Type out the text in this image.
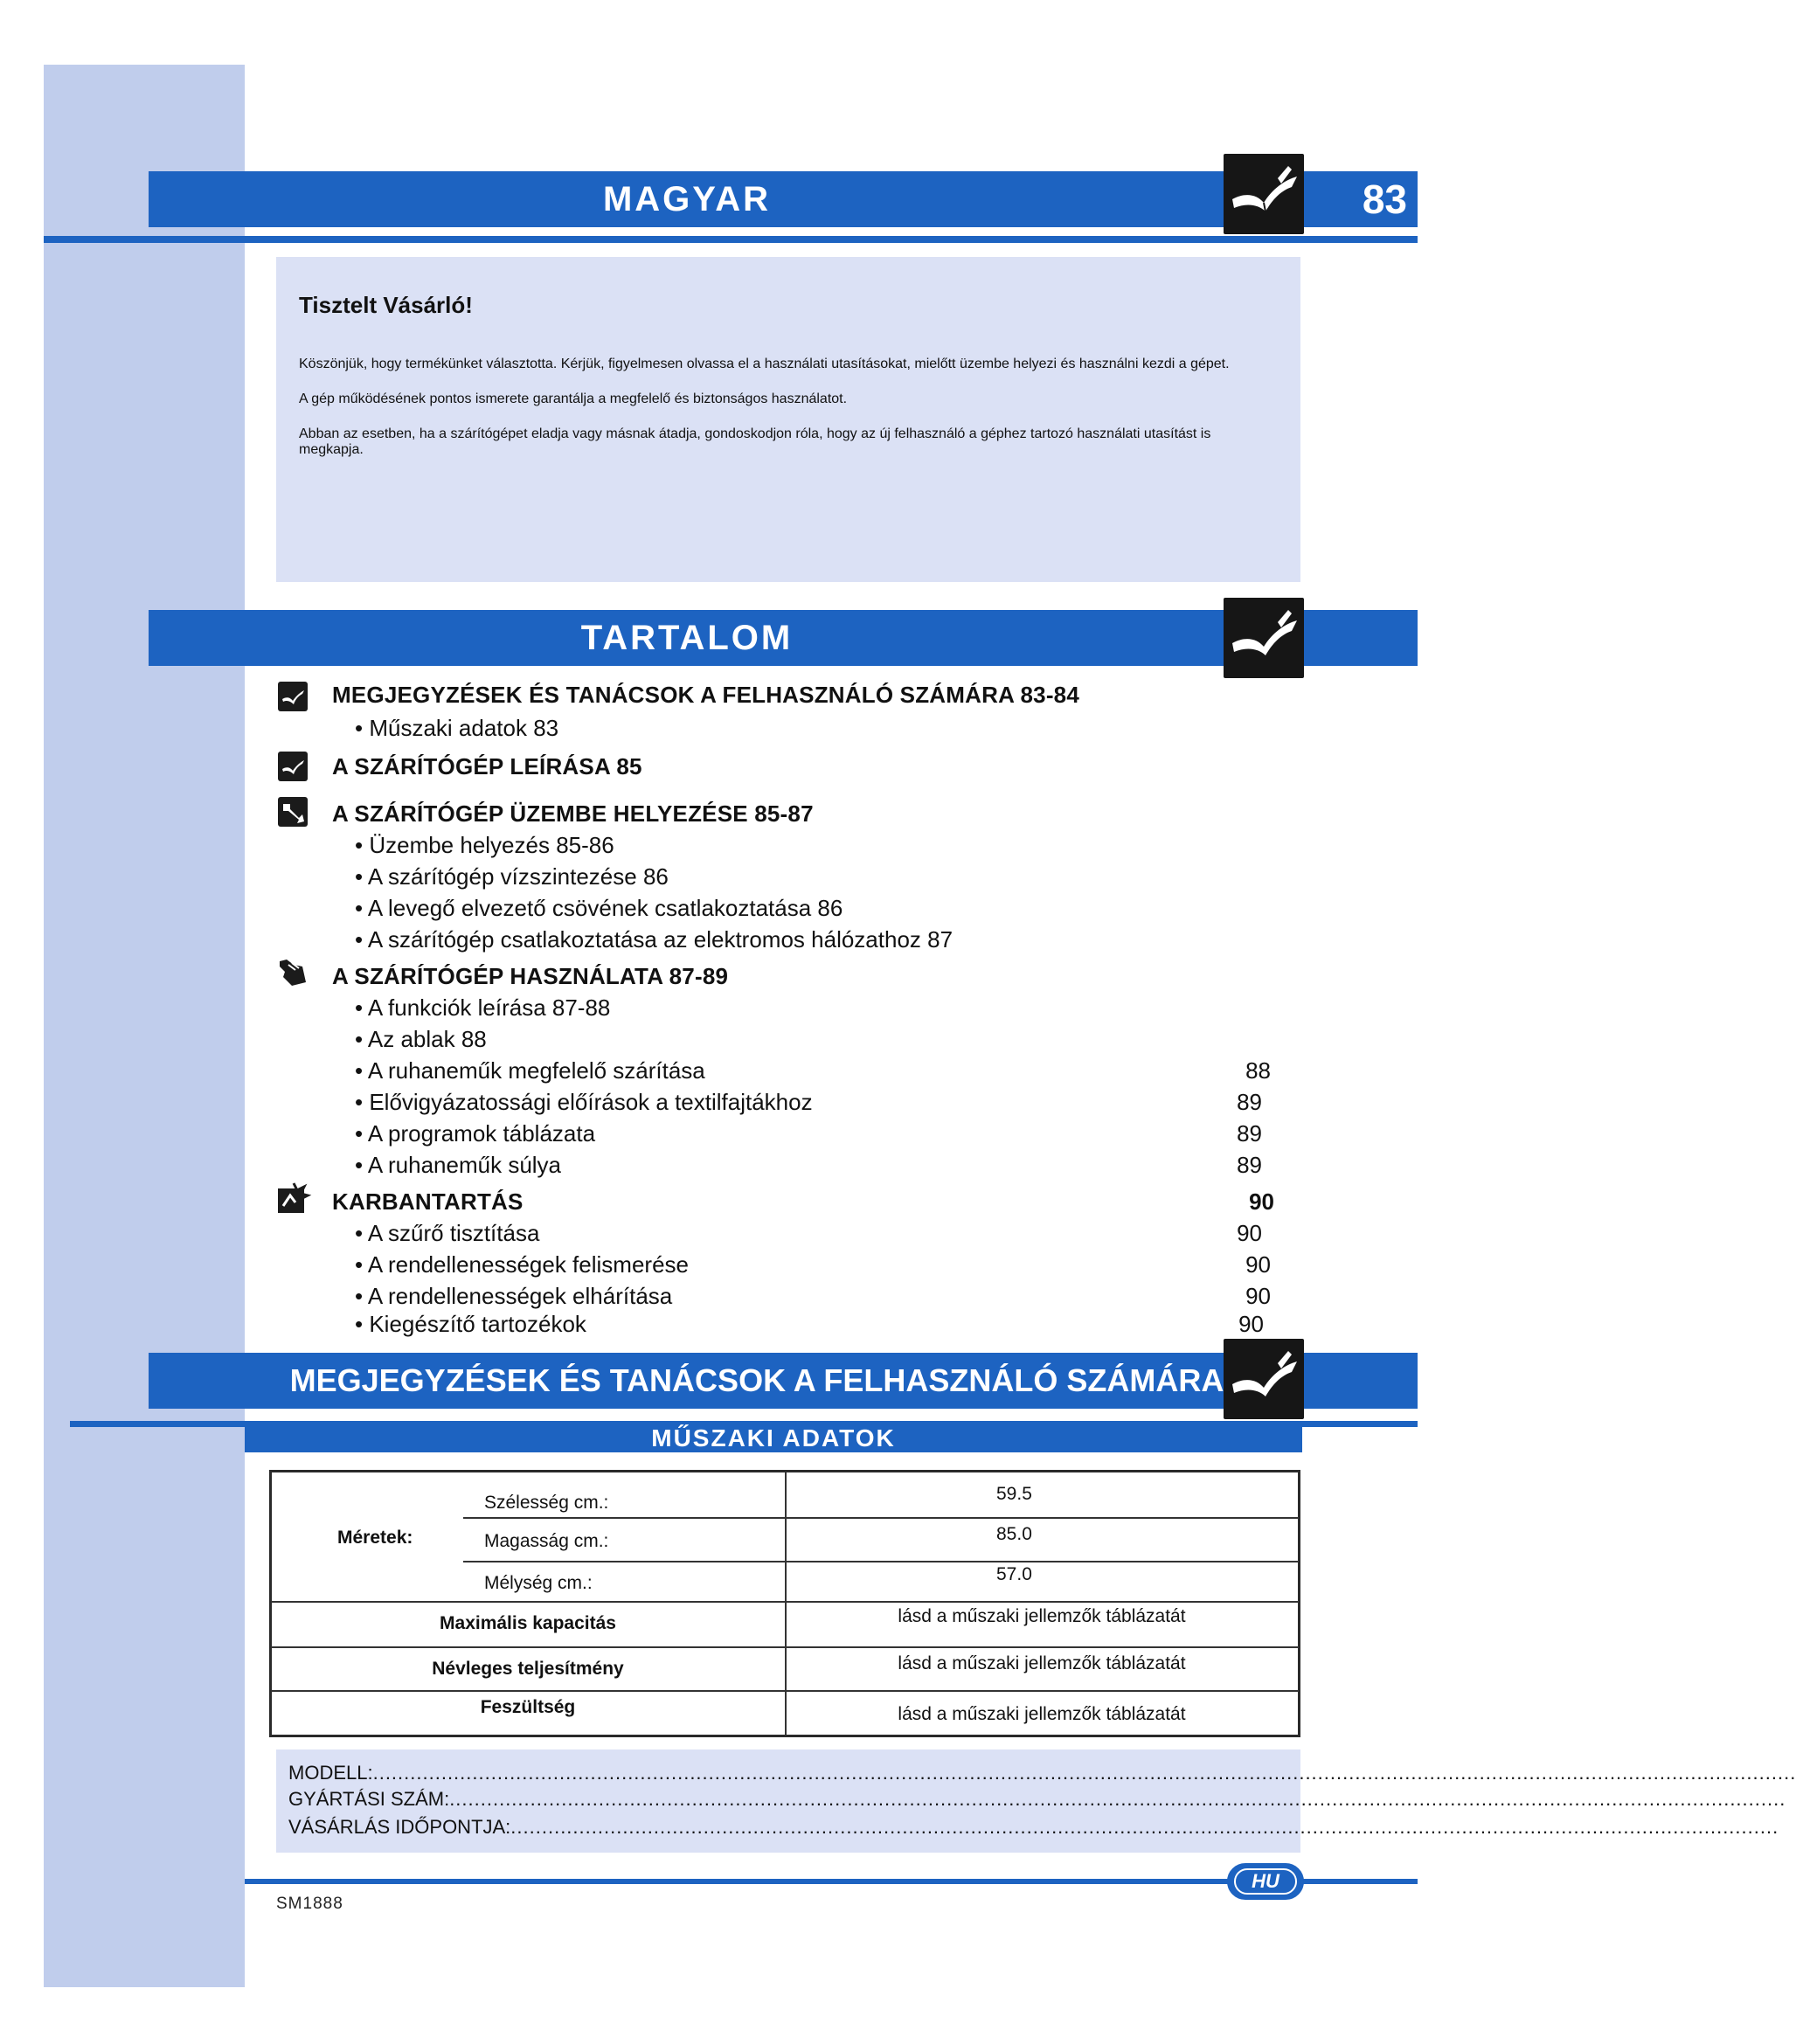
MAGYAR	83
Tisztelt Vásárló!

Köszönjük, hogy termékünket választotta. Kérjük, figyelmesen olvassa el a használati utasításokat, mielőtt üzembe helyezi és használni kezdi a gépet.

A gép működésének pontos ismerete garantálja a megfelelő és biztonságos használatot.

Abban az esetben, ha a szárítógépet eladja vagy másnak átadja, gondoskodjon róla, hogy az új felhasználó a géphez tartozó használati utasítást is megkapja.

TARTALOM
MEGJEGYZÉSEK ÉS TANÁCSOK A FELHASZNÁLÓ SZÁMÁRA 83-84
• Műszaki adatok 83
A SZÁRÍTÓGÉP LEÍRÁSA 85
A SZÁRÍTÓGÉP ÜZEMBE HELYEZÉSE 85-87
• Üzembe helyezés 85-86
• A szárítógép vízszintezése 86
• A levegő elvezető csövének csatlakoztatása 86
• A szárítógép csatlakoztatása az elektromos hálózathoz 87
A SZÁRÍTÓGÉP HASZNÁLATA 87-89
• A funkciók leírása 87-88
• Az ablak 88
• A ruhaneműk megfelelő szárítása	88
• Elővigyázatossági előírások a textilfajtákhoz	89
• A programok táblázata	89
• A ruhaneműk súlya	89
KARBANTARTÁS	90
• A szűrő tisztítása	90
• A rendellenességek felismerése	90
• A rendellenességek elhárítása	90
• Kiegészítő tartozékok	90
MEGJEGYZÉSEK ÉS TANÁCSOK A FELHASZNÁLÓ SZÁMÁRA
MŰSZAKI ADATOK
Méretek:
Szélesség cm.:	59.5
Magasság cm.:	85.0
Mélység cm.:	57.0
Maximális kapacitás	lásd a műszaki jellemzők táblázatát
Névleges teljesítmény	lásd a műszaki jellemzők táblázatát
Feszültség	lásd a műszaki jellemzők táblázatát
MODELL:.....................................................................................................................................................................................................................................
GYÁRTÁSI SZÁM:.......................................................................................................................................................................................................................
VÁSÁRLÁS IDŐPONTJA:............................................................................................................................................................................................................
HU
SM1888
